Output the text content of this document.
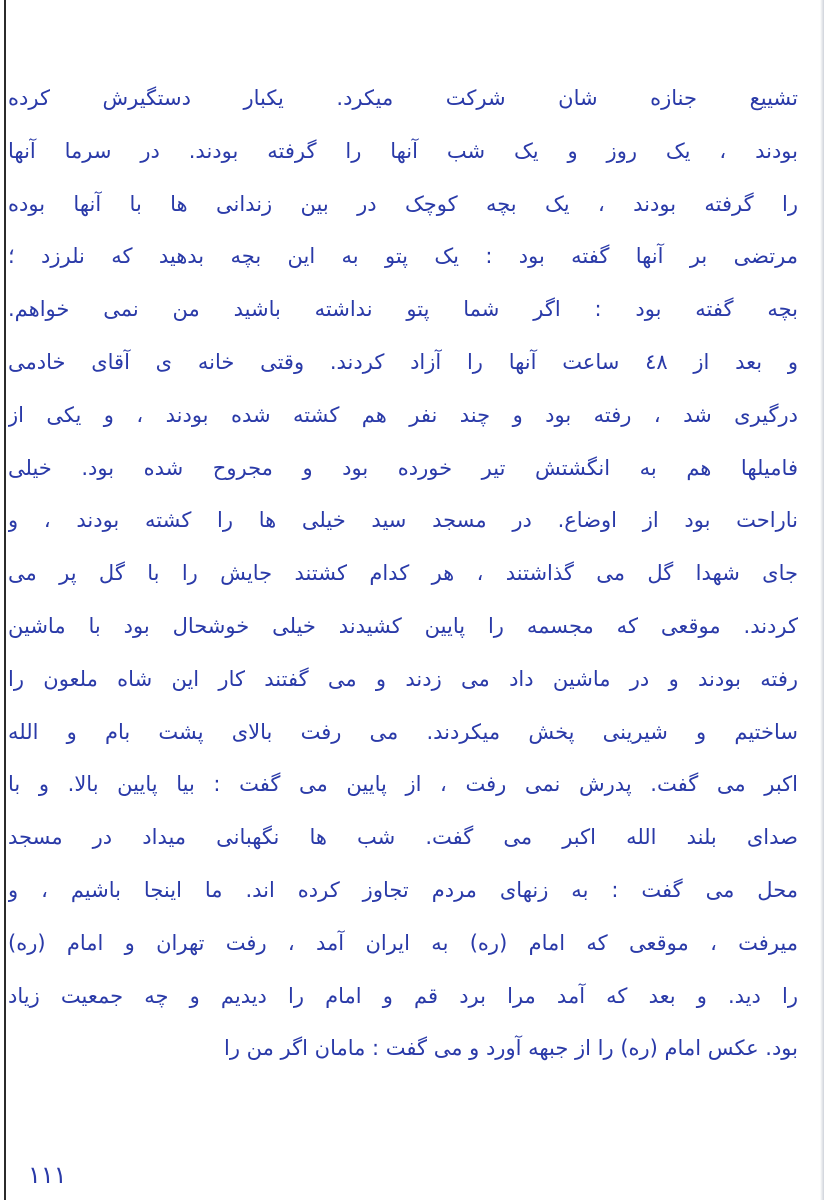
تشییع جنازه شان شرکت میکرد. یکبار دستگیرش کرده
بودند ، یک روز و یک شب آنها را گرفته بودند. در سرما آنها
را گرفته بودند ، یک بچه کوچک در بین زندانی ها با آنها بوده
مرتضی بر آنها گفته بود : یک پتو به این بچه بدهید که نلرزد ؛
بچه گفته بود : اگر شما پتو نداشته باشید من نمی خواهم.
و بعد از ٤٨ ساعت آنها را آزاد کردند. وقتی خانه ی آقای خادمی
درگیری شد ، رفته بود و چند نفر هم کشته شده بودند ، و یکی از
فامیلها هم به انگشتش تیر خورده بود و مجروح شده بود. خیلی
ناراحت بود از اوضاع. در مسجد سید خیلی ها را کشته بودند ، و
جای شهدا گل می گذاشتند ، هر کدام کشتند جایش را با گل پر می
کردند. موقعی که مجسمه را پایین کشیدند خیلی خوشحال بود با ماشین
رفته بودند و در ماشین داد می زدند و می گفتند کار این شاه ملعون را
ساختیم و شیرینی پخش میکردند. می رفت بالای پشت بام و الله
اکبر می گفت. پدرش نمی رفت ، از پایین می گفت : بیا پایین بالا. و با
صدای بلند الله اکبر می گفت. شب ها نگهبانی میداد در مسجد
محل می گفت : به زنهای مردم تجاوز کرده اند. ما اینجا باشیم ، و
میرفت ، موقعی که امام (ره) به ایران آمد ، رفت تهران و امام (ره)
را دید. و بعد که آمد مرا برد قم و امام را دیدیم و چه جمعیت زیاد
بود. عکس امام (ره) را از جبهه آورد و می گفت : مامان اگر من را
١١١
